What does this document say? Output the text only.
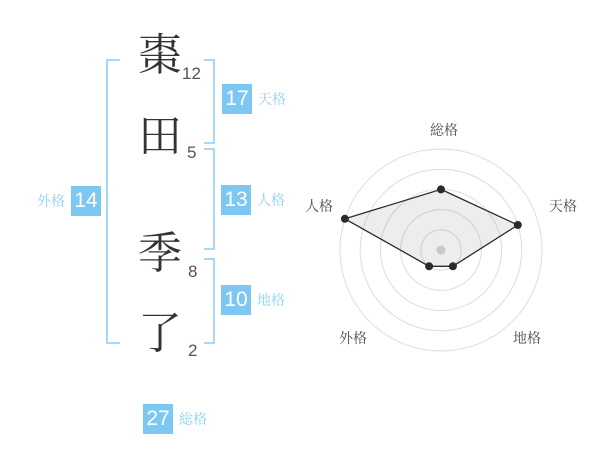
棗
田
季
了
12
5
8
2
17 天格
13 人格
10 地格
外格 14
27 総格
総格
天格
地格
外格
人格
